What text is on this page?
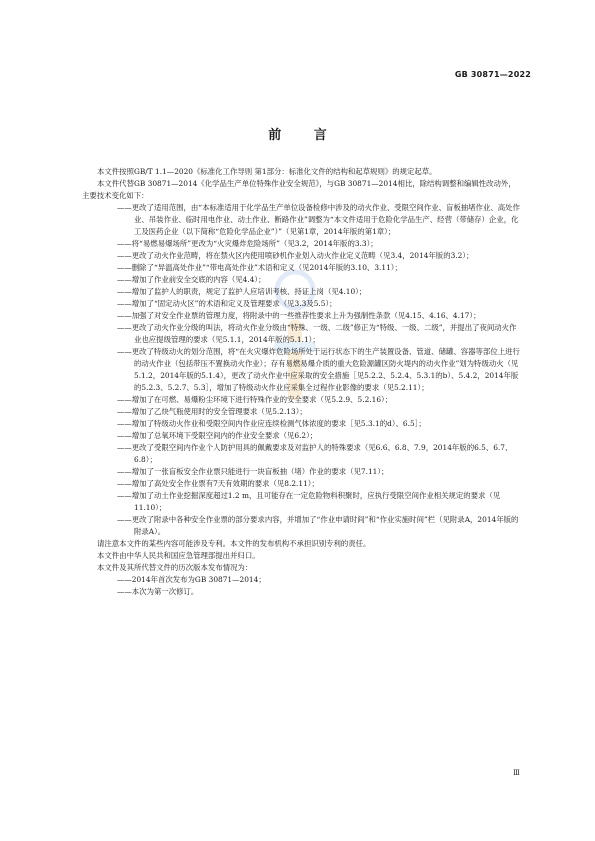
GB 30871—2022
前 言

本文件按照GB/T 1.1—2020《标准化工作导则 第1部分：标准化文件的结构和起草规则》的规定起草。

本文件代替GB 30871—2014《化学品生产单位特殊作业安全规范》，与GB 30871—2014相比，除结构调整和编辑性改动外，主要技术变化如下：

——更改了适用范围，由“本标准适用于化学品生产单位设备检修中涉及的动火作业、受限空间作业、盲板抽堵作业、高处作业、吊装作业、临时用电作业、动土作业、断路作业”调整为“本文件适用于危险化学品生产、经营（带储存）企业，化工及医药企业（以下简称“危险化学品企业”）”（见第1章，2014年版的第1章）；

——将“易燃易爆场所”更改为“火灾爆炸危险场所”（见3.2，2014年版的3.3）；

——更改了动火作业范畴，将在禁火区内使用喷砂机作业划入动火作业定义范畴（见3.4，2014年版的3.2）；

——删除了“异温高处作业”“带电高处作业”术语和定义（见2014年版的3.10、3.11）；

——增加了作业前安全交底的内容（见4.4）；

——增加了监护人的职责，规定了监护人应培训考核、持证上岗（见4.10）；

——增加了“固定动火区”的术语和定义及管理要求（见3.3及5.5）；

——加强了对安全作业票的管理力度，将附录中的一些推荐性要求上升为强制性条款（见4.15、4.16、4.17）；

——更改了动火作业分级的叫法，将动火作业分级由“特殊、一级、二级”修正为“特级、一级、二级”，并提出了夜间动火作业也应提级管理的要求（见5.1.1，2014年版的5.1.1）；

——更改了特级动火的划分范围，将“在火灾爆炸危险场所处于运行状态下的生产装置设备、管道、储罐、容器等部位上进行的动火作业（包括带压不置换动火作业）；存有易燃易爆介质的重大危险源罐区防火堤内的动火作业”划为特级动火（见5.1.2，2014年版的5.1.4），更改了动火作业中应采取的安全措施［见5.2.2、5.2.4、5.3.1的b）、5.4.2，2014年版的5.2.3、5.2.7、5.3］，增加了特级动火作业应采集全过程作业影像的要求（见5.2.11）；

——增加了在可燃、易爆粉尘环境下进行特殊作业的安全要求（见5.2.9、5.2.16）；

——增加了乙炔气瓶使用时的安全管理要求（见5.2.13）；

——增加了特级动火作业和受限空间内作业应连续检测气体浓度的要求［见5.3.1的d）、6.5］；

——增加了总氧环境下受限空间内的作业安全要求（见6.2）；

——更改了受限空间内作业个人防护用具的佩戴要求及对监护人的特殊要求（见6.6、6.8、7.9，2014年版的6.5、6.7、6.8）；

——增加了一张盲板安全作业票只能进行一块盲板抽（堵）作业的要求（见7.11）；

——增加了高处安全作业票有7天有效期的要求（见8.2.11）；

——增加了动土作业挖掘深度超过1.2 m，且可能存在一定危险物料积聚时，应执行受限空间作业相关规定的要求（见11.10）；

——更改了附录中各种安全作业票的部分要求内容，并增加了“作业申请时间”和“作业实施时间”栏（见附录A，2014年版的附录A）。

请注意本文件的某些内容可能涉及专利。本文件的发布机构不承担识别专利的责任。

本文件由中华人民共和国应急管理部提出并归口。

本文件及其所代替文件的历次版本发布情况为：

——2014年首次发布为GB 30871—2014；

——本次为第一次修订。

Ⅲ
